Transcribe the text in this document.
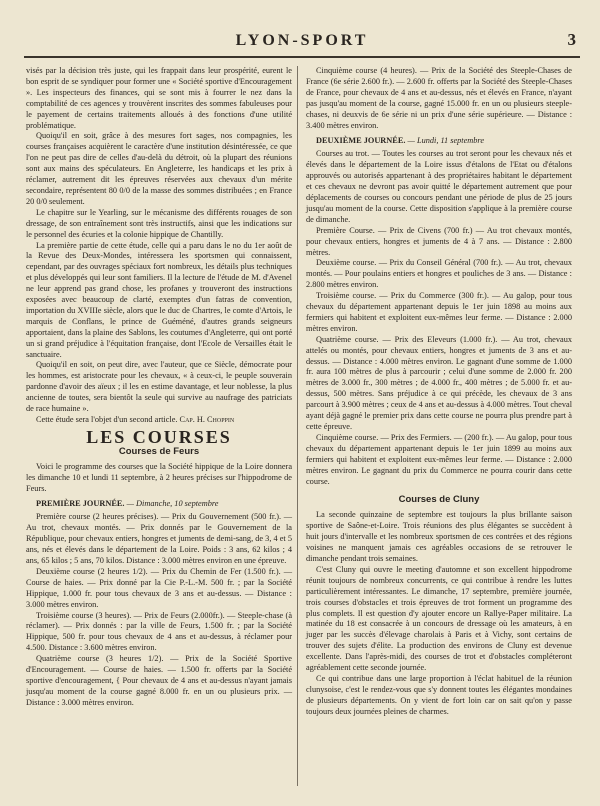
LYON-SPORT	3

visés par la décision très juste, qui les frappait dans leur prospérité, eurent le bon esprit de se syndiquer pour former une « Société sportive d'Encouragement ». Les inspecteurs des finances, qui se sont mis à fourrer le nez dans la comptabilité de ces agences y trouvèrent inscrites des sommes fabuleuses pour le payement de certains traitements alloués à des fonctions d'une utilité problématique.

Quoiqu'il en soit, grâce à des mesures fort sages, nos compagnies, les courses françaises acquièrent le caractère d'une institution désintéressée, ce que l'on ne peut pas dire de celles d'au-delà du détroit, où la plupart des réunions sont aux mains des spéculateurs. En Angleterre, les handicaps et les prix à réclamer, autrement dit les épreuves réservées aux chevaux d'un mérite secondaire, représentent 80 0/0 de la masse des sommes distribuées ; en France 20 0/0 seulement.

Le chapitre sur le Yearling, sur le mécanisme des différents rouages de son dressage, de son entraînement sont très instructifs, ainsi que les indications sur le personnel des écuries et la colonie hippique de Chantilly.

La première partie de cette étude, celle qui a paru dans le no du 1er août de la Revue des Deux-Mondes, intéressera les sportsmen qui connaissent, cependant, par des ouvrages spéciaux fort nombreux, les détails plus techniques et plus développés qui leur sont familiers. Il la lecture de l'étude de M. d'Avenel ne leur apprend pas grand chose, les profanes y trouveront des instructions exposées avec beaucoup de clarté, exemptes d'un fatras de convention, importation du XVIIIe siècle, alors que le duc de Chartres, le comte d'Artois, le marquis de Conflans, le prince de Guéméné, d'autres grands seigneurs apportaient, dans la plaine des Sablons, les coutumes d'Angleterre, qui ont porté un si grand préjudice à l'équitation française, dont l'Ecole de Versailles était le sanctuaire.

Quoiqu'il en soit, on peut dire, avec l'auteur, que ce Siècle, démocrate pour les hommes, est aristocrate pour les chevaux, « à ceux-ci, le peuple souverain pardonne d'avoir des aïeux ; il les en estime davantage, et leur noblesse, la plus ancienne de toutes, sera bientôt la seule qui survive au naufrage des patriciats de race humaine ».

Cette étude sera l'objet d'un second article. Cap. H. Choppin

LES COURSES
Courses de Feurs

Voici le programme des courses que la Société hippique de la Loire donnera les dimanche 10 et lundi 11 septembre, à 2 heures précises sur l'hippodrome de Feurs.

PREMIÈRE JOURNÉE. — Dimanche, 10 septembre

Première course (2 heures précises). — Prix du Gouvernement (500 fr.). — Au trot, chevaux montés. — Prix donnés par le Gouvernement de la République, pour chevaux entiers, hongres et juments de demi-sang, de 3, 4 et 5 ans, nés et élevés dans le département de la Loire. Poids : 3 ans, 62 kilos ; 4 ans, 65 kilos ; 5 ans, 70 kilos. Distance : 3.000 mètres environ en une épreuve.

Deuxième course (2 heures 1/2). — Prix du Chemin de Fer (1.500 fr.). — Course de haies. — Prix donné par la Cie P.-L.-M. 500 fr. ; par la Société Hippique, 1.000 fr. pour tous chevaux de 3 ans et au-dessus. — Distance : 3.000 mètres environ.

Troisième course (3 heures). — Prix de Feurs (2.000fr.). — Steeple-chase (à réclamer). — Prix donnés : par la ville de Feurs, 1.500 fr. ; par la Société Hippique, 500 fr. pour tous chevaux de 4 ans et au-dessus, à réclamer pour 4.500. Distance : 3.600 mètres environ.

Quatrième course (3 heures 1/2). — Prix de la Société Sportive d'Encouragement. — Course de haies. — 1.500 fr. offerts par la Société sportive d'encouragement, { Pour chevaux de 4 ans et au-dessus n'ayant jamais jusqu'au moment de la course gagné 8.000 fr. en un ou plusieurs prix. — Distance : 3.000 mètres environ.

Cinquième course (4 heures). — Prix de la Société des Steeple-Chases de France (6e série 2.600 fr.). — 2.600 fr. offerts par la Société des Steeple-Chases de France, pour chevaux de 4 ans et au-dessus, nés et élevés en France, n'ayant pas jusqu'au moment de la course, gagné 15.000 fr. en un ou plusieurs steeple-chases, ni deuxvis de 6e série ni un prix d'une série supérieure. — Distance : 3.400 mètres environ.

DEUXIÈME JOURNÉE. — Lundi, 11 septembre

Courses au trot. — Toutes les courses au trot seront pour les chevaux nés et élevés dans le département de la Loire issus d'étalons de l'Etat ou d'étalons approuvés ou autorisés appartenant à des propriétaires habitant le département et ces chevaux ne devront pas avoir quitté le département autrement que pour déplacements de courses ou concours pendant une période de plus de 25 jours jusqu'au moment de la course. Cette disposition s'applique à la première course de dimanche.

Première Course. — Prix de Civens (700 fr.) — Au trot chevaux montés, pour chevaux entiers, hongres et juments de 4 à 7 ans. — Distance : 2.800 mètres.

Deuxième course. — Prix du Conseil Général (700 fr.). — Au trot, chevaux montés. — Pour poulains entiers et hongres et pouliches de 3 ans. — Distance : 2.800 mètres environ.

Troisième course. — Prix du Commerce (300 fr.). — Au galop, pour tous chevaux du département appartenant depuis le 1er juin 1898 au moins aux fermiers qui habitent et exploitent eux-mêmes leur ferme. — Distance : 2.000 mètres environ.

Quatrième course. — Prix des Eleveurs (1.000 fr.). — Au trot, chevaux attelés ou montés, pour chevaux entiers, hongres et juments de 3 ans et au-dessus. — Distance : 4.000 mètres environ. Le gagnant d'une somme de 1.000 fr. aura 100 mètres de plus à parcourir ; celui d'une somme de 2.000 fr. 200 mètres de 3.000 fr., 300 mètres ; de 4.000 fr., 400 mètres ; de 5.000 fr. et au-dessus, 500 mètres. Sans préjudice à ce qui précède, les chevaux de 3 ans parcourt à 3.900 mètres ; ceux de 4 ans et au-dessus à 4.000 mètres. Tout cheval ayant déjà gagné le premier prix dans cette course ne pourra plus prendre part à cette épreuve.

Cinquième course. — Prix des Fermiers. — (200 fr.). — Au galop, pour tous chevaux du département appartenant depuis le 1er juin 1899 au moins aux fermiers qui habitent et exploitent eux-mêmes leur ferme. — Distance : 2.000 mètres environ. Le gagnant du prix du Commerce ne pourra courir dans cette course.

Courses de Cluny

La seconde quinzaine de septembre est toujours la plus brillante saison sportive de Saône-et-Loire. Trois réunions des plus élégantes se succèdent à huit jours d'intervalle et les nombreux sportsmen de ces contrées et des régions voisines ne manquent jamais ces agréables occasions de se retrouver le dimanche pendant trois semaines.

C'est Cluny qui ouvre le meeting d'automne et son excellent hippodrome réunit toujours de nombreux concurrents, ce qui contribue à rendre les luttes particulièrement intéressantes. Le dimanche, 17 septembre, première journée, trois courses d'obstacles et trois épreuves de trot forment un programme des plus complets. Il est question d'y ajouter encore un Rallye-Paper militaire. La matinée du 18 est consacrée à un concours de dressage où les amateurs, à en juger par les succès d'élevage charolais à Paris et à Vichy, sont certains de trouver des sujets d'élite. La production des environs de Cluny est devenue excellente. Dans l'après-midi, des courses de trot et d'obstacles compléteront agréablement cette seconde journée.

Ce qui contribue dans une large proportion à l'éclat habituel de la réunion clunysoise, c'est le rendez-vous que s'y donnent toutes les élégantes mondaines de plusieurs départements. On y vient de fort loin car on sait qu'on y passe toujours deux journées pleines de charmes.
